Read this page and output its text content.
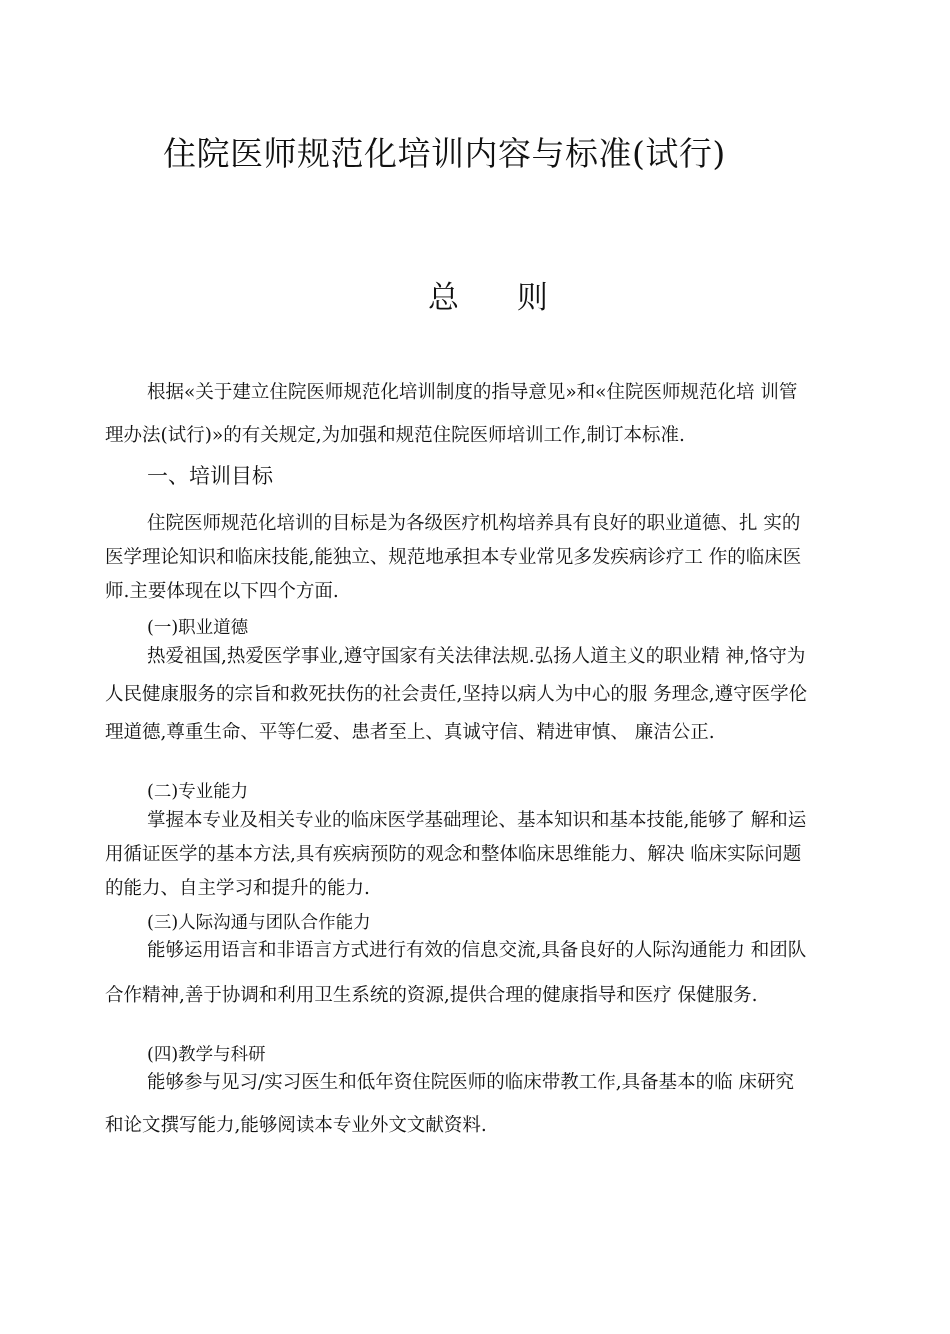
住院医师规范化培训内容与标准(试行)
总 则
根据«关于建立住院医师规范化培训制度的指导意见»和«住院医师规范化培 训管
理办法(试行)»的有关规定,为加强和规范住院医师培训工作,制订本标准.
一、培训目标
住院医师规范化培训的目标是为各级医疗机构培养具有良好的职业道德、扎 实的
医学理论知识和临床技能,能独立、规范地承担本专业常见多发疾病诊疗工 作的临床医
师.主要体现在以下四个方面.
(一)职业道德
热爱祖国,热爱医学事业,遵守国家有关法律法规.弘扬人道主义的职业精 神,恪守为
人民健康服务的宗旨和救死扶伤的社会责任,坚持以病人为中心的服 务理念,遵守医学伦
理道德,尊重生命、平等仁爱、患者至上、真诚守信、精进审慎、 廉洁公正.
(二)专业能力
掌握本专业及相关专业的临床医学基础理论、基本知识和基本技能,能够了 解和运
用循证医学的基本方法,具有疾病预防的观念和整体临床思维能力、解决 临床实际问题
的能力、自主学习和提升的能力.
(三)人际沟通与团队合作能力
能够运用语言和非语言方式进行有效的信息交流,具备良好的人际沟通能力 和团队
合作精神,善于协调和利用卫生系统的资源,提供合理的健康指导和医疗 保健服务.
(四)教学与科研
能够参与见习/实习医生和低年资住院医师的临床带教工作,具备基本的临 床研究
和论文撰写能力,能够阅读本专业外文文献资料.
